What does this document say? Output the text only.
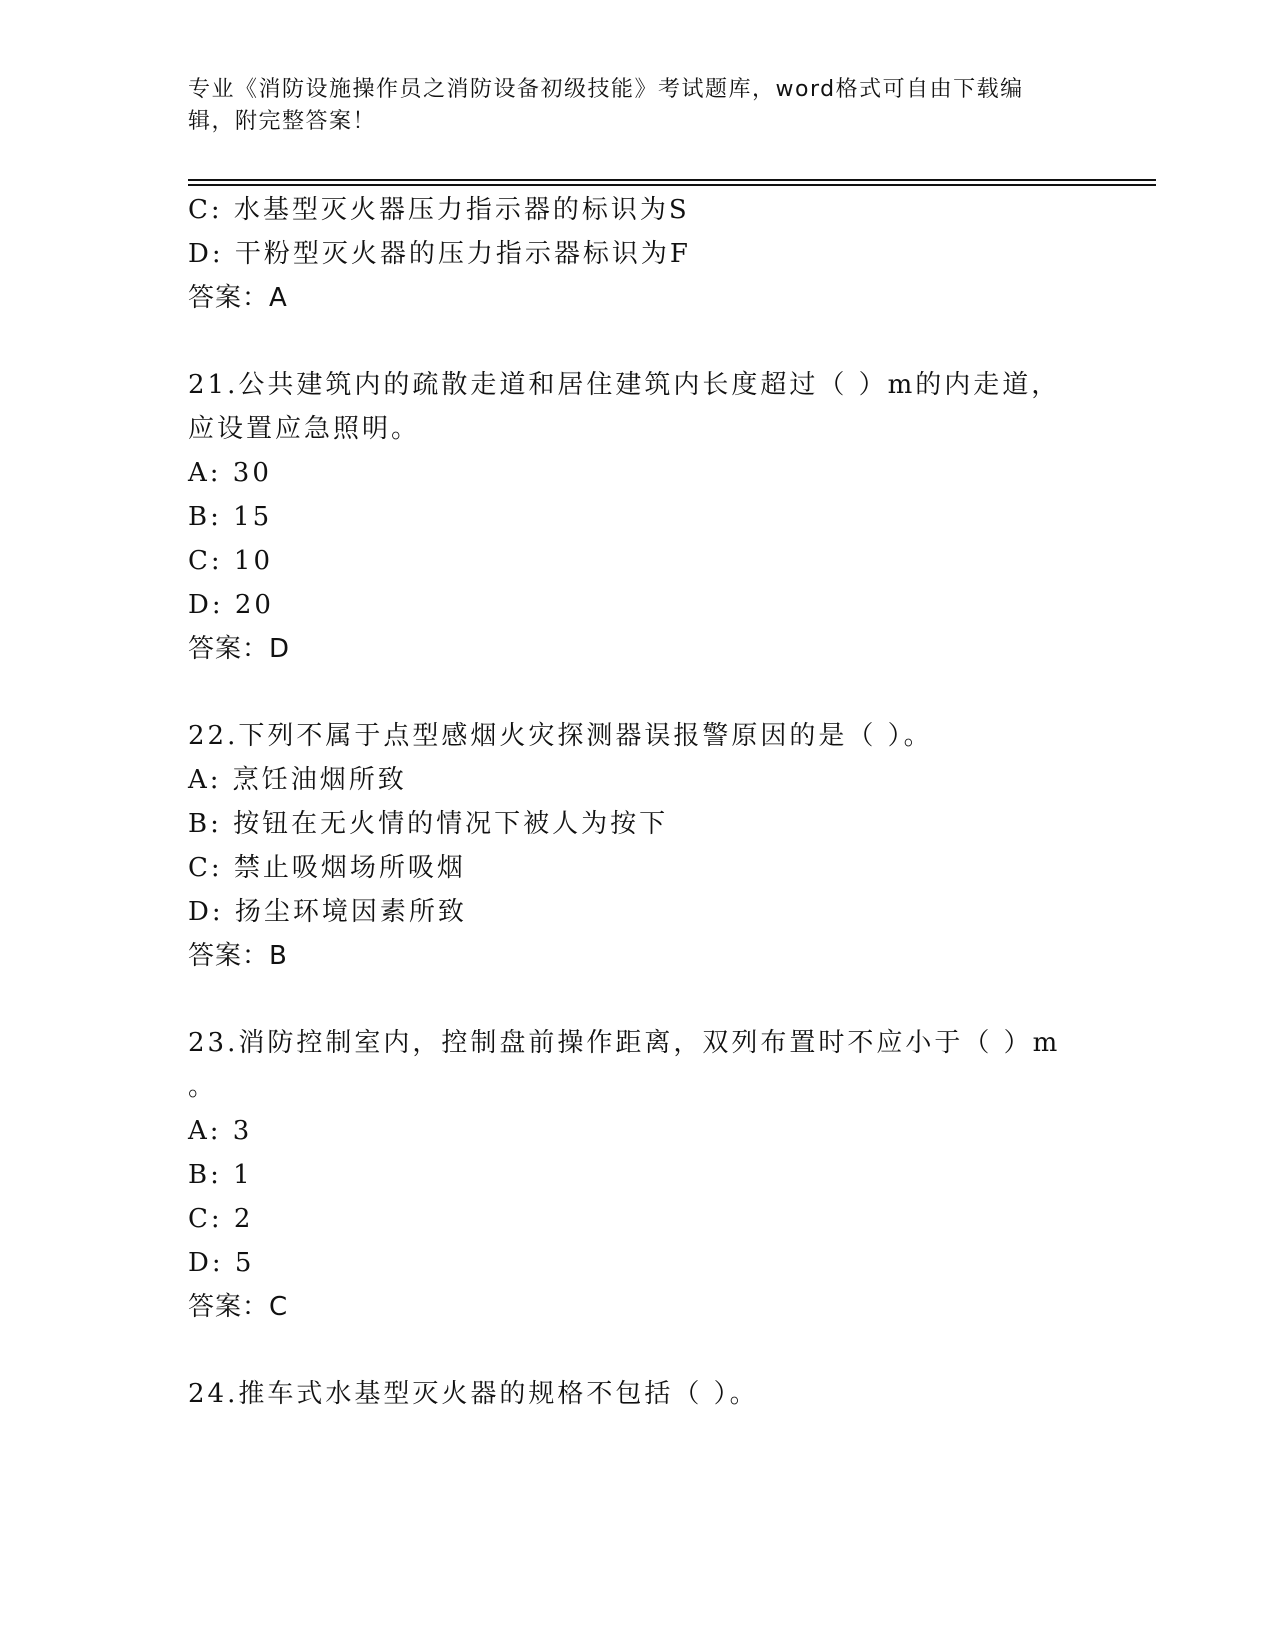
专业《消防设施操作员之消防设备初级技能》考试题库，word格式可自由下载编辑，附完整答案！
C: 水基型灭火器压力指示器的标识为S
D: 干粉型灭火器的压力指示器标识为F
答案：A
21.公共建筑内的疏散走道和居住建筑内长度超过（ ）m的内走道，
应设置应急照明。
A: 30
B: 15
C: 10
D: 20
答案：D
22.下列不属于点型感烟火灾探测器误报警原因的是（ ）。
A: 烹饪油烟所致
B: 按钮在无火情的情况下被人为按下
C: 禁止吸烟场所吸烟
D: 扬尘环境因素所致
答案：B
23.消防控制室内，控制盘前操作距离，双列布置时不应小于（ ）m
。
A: 3
B: 1
C: 2
D: 5
答案：C
24.推车式水基型灭火器的规格不包括（ ）。
